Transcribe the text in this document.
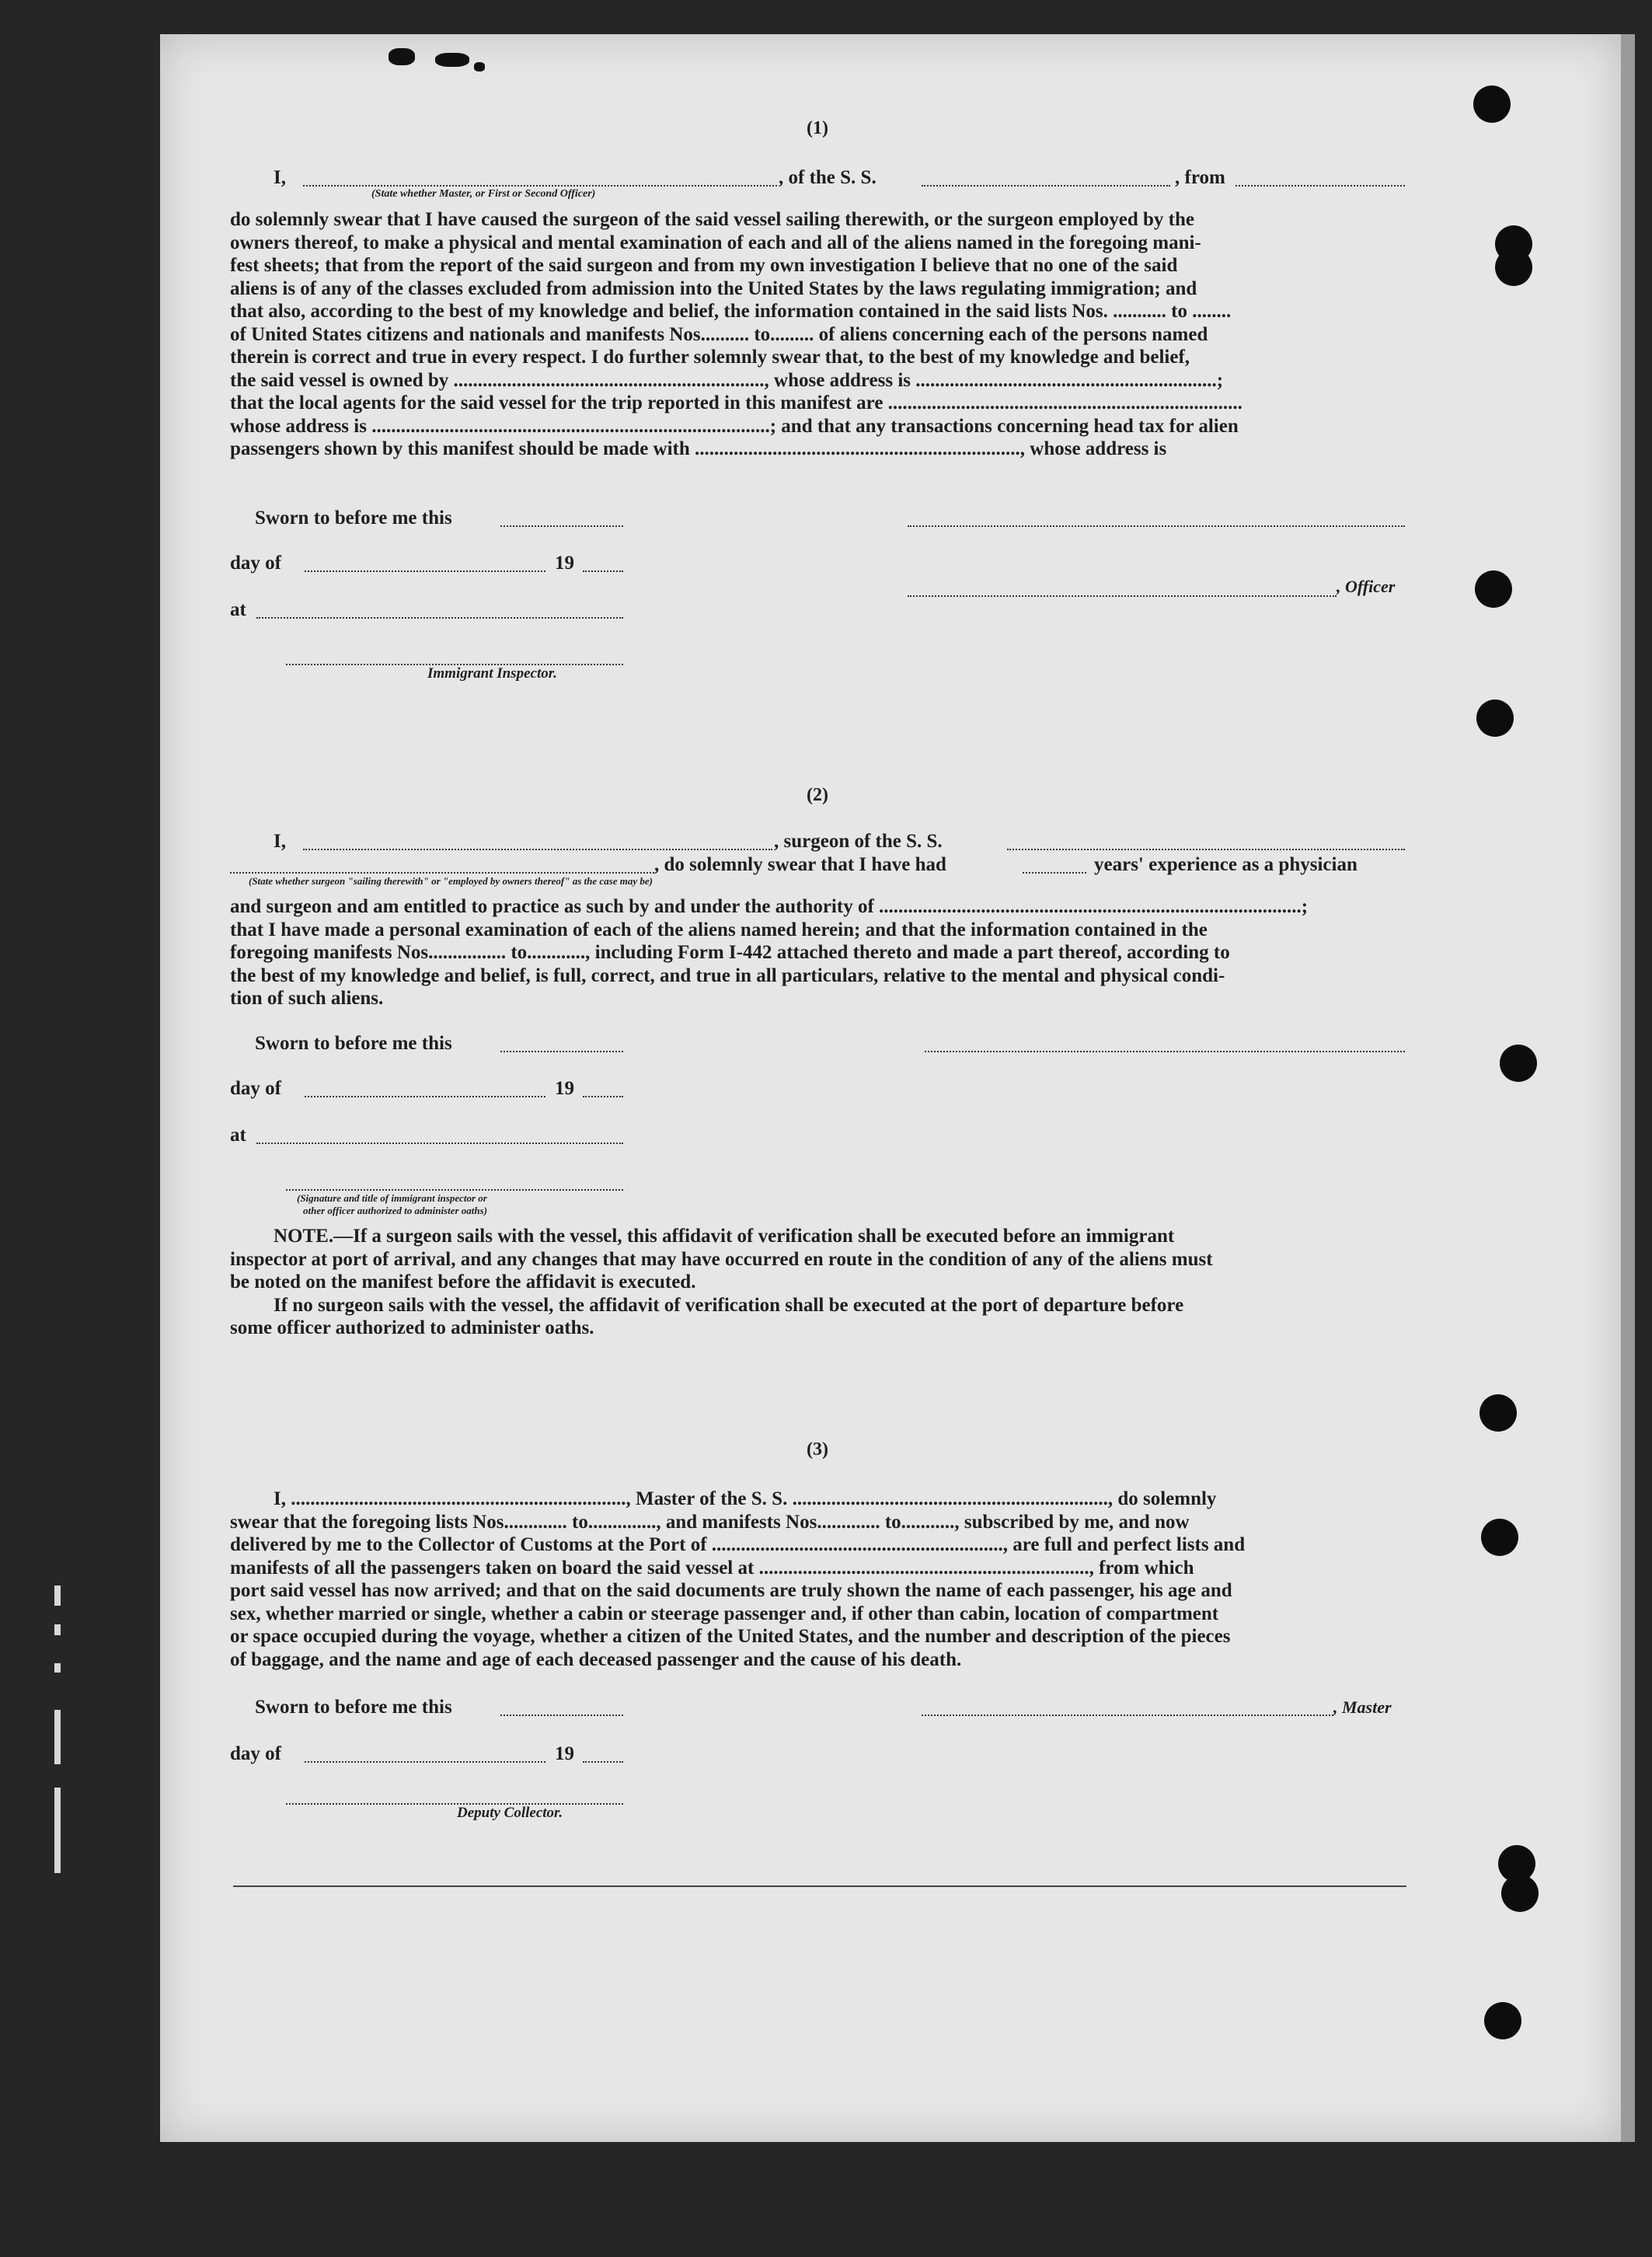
(1)
I,	, of the S. S.	, from
(State whether Master, or First or Second Officer)
do solemnly swear that I have caused the surgeon of the said vessel sailing therewith, or the surgeon employed by the
owners thereof, to make a physical and mental examination of each and all of the aliens named in the foregoing mani-
fest sheets; that from the report of the said surgeon and from my own investigation I believe that no one of the said
aliens is of any of the classes excluded from admission into the United States by the laws regulating immigration; and
that also, according to the best of my knowledge and belief, the information contained in the said lists Nos. ........... to ........
of United States citizens and nationals and manifests Nos.......... to......... of aliens concerning each of the persons named
therein is correct and true in every respect. I do further solemnly swear that, to the best of my knowledge and belief,
the said vessel is owned by ................................................................, whose address is ..............................................................;
that the local agents for the said vessel for the trip reported in this manifest are .........................................................................
whose address is ..................................................................................; and that any transactions concerning head tax for alien
passengers shown by this manifest should be made with ..................................................................., whose address is
Sworn to before me this
day of	19
, Officer
at
Immigrant Inspector.
(2)
I,	, surgeon of the S. S.
, do solemnly swear that I have had	years' experience as a physician
(State whether surgeon "sailing therewith" or "employed by owners thereof" as the case may be)
and surgeon and am entitled to practice as such by and under the authority of .......................................................................................;
that I have made a personal examination of each of the aliens named herein; and that the information contained in the
foregoing manifests Nos................ to............, including Form I-442 attached thereto and made a part thereof, according to
the best of my knowledge and belief, is full, correct, and true in all particulars, relative to the mental and physical condi-
tion of such aliens.
Sworn to before me this
day of	19
at
(Signature and title of immigrant inspector or
other officer authorized to administer oaths)
NOTE.—If a surgeon sails with the vessel, this affidavit of verification shall be executed before an immigrant
inspector at port of arrival, and any changes that may have occurred en route in the condition of any of the aliens must
be noted on the manifest before the affidavit is executed.
If no surgeon sails with the vessel, the affidavit of verification shall be executed at the port of departure before
some officer authorized to administer oaths.
(3)
I, ....................................................................., Master of the S. S. ................................................................., do solemnly
swear that the foregoing lists Nos............. to.............., and manifests Nos............. to..........., subscribed by me, and now
delivered by me to the Collector of Customs at the Port of ............................................................, are full and perfect lists and
manifests of all the passengers taken on board the said vessel at ...................................................................., from which
port said vessel has now arrived; and that on the said documents are truly shown the name of each passenger, his age and
sex, whether married or single, whether a cabin or steerage passenger and, if other than cabin, location of compartment
or space occupied during the voyage, whether a citizen of the United States, and the number and description of the pieces
of baggage, and the name and age of each deceased passenger and the cause of his death.
Sworn to before me this	, Master
day of	19
Deputy Collector.
